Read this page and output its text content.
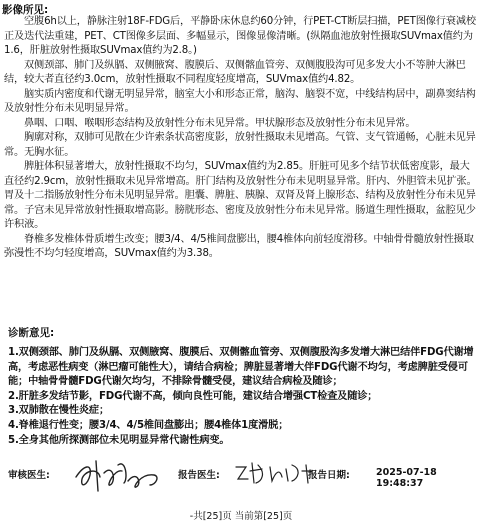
影像所见:

空腹6h以上，静脉注射18F-FDG后，平静卧床休息约60分钟，行PET-CT断层扫描，PET图像行衰减校正及迭代法重建，PET、CT图像多层面、多幅显示，图像显像清晰。(纵隔血池放射性摄取SUVmax值约为1.6，肝脏放射性摄取SUVmax值约为2.8。)

双侧颈部、肺门及纵膈、双侧腋窝、腹膜后、双侧髂血管旁、双侧腹股沟可见多发大小不等肿大淋巴结，较大者直径约3.0cm，放射性摄取不同程度轻度增高，SUVmax值约4.82。

脑实质内密度和代谢无明显异常，脑室大小和形态正常，脑沟、脑裂不宽，中线结构居中，副鼻窦结构及放射性分布未见明显异常。

鼻咽、口咽、喉咽形态结构及放射性分布未见异常。甲状腺形态及放射性分布未见异常。

胸廓对称，双肺可见散在少许索条状高密度影，放射性摄取未见增高。气管、支气管通畅，心脏未见异常。无胸水征。

脾脏体积显著增大，放射性摄取不均匀，SUVmax值约为2.85。肝脏可见多个结节状低密度影，最大直径约2.9cm，放射性摄取未见异常增高。肝门结构及放射性分布未见明显异常。肝内、外胆管未见扩张。胃及十二指肠放射性分布未见明显异常。胆囊、脾脏、胰腺、双肾及肾上腺形态、结构及放射性分布未见异常。子宫未见异常放射性摄取增高影。膀胱形态、密度及放射性分布未见异常。肠道生理性摄取，盆腔见少许积液。

脊椎多发椎体骨质增生改变；腰3/4、4/5椎间盘膨出，腰4椎体向前轻度滑移。中轴骨骨髓放射性摄取弥漫性不均匀轻度增高，SUVmax值约为3.38。

诊断意见:

1.双侧颈部、肺门及纵膈、双侧腋窝、腹膜后、双侧髂血管旁、双侧腹股沟多发增大淋巴结伴FDG代谢增高，考虑恶性病变（淋巴瘤可能性大），请结合病检；脾脏显著增大伴FDG代谢不均匀，考虑脾脏受侵可能；中轴骨骨髓FDG代谢欠均匀，不排除骨髓受侵，建议结合病检及随诊；

2.肝脏多发结节影，FDG代谢不高，倾向良性可能，建议结合增强CT检查及随诊；

3.双肺散在慢性炎症；

4.脊椎退行性变；腰3/4、4/5椎间盘膨出；腰4椎体1度滑脱；

5.全身其他所探测部位未见明显异常代谢性病变。

审核医生:	报告医生:	报告日期:	2025-07-18 19:48:37
-共[25]页 当前第[25]页
